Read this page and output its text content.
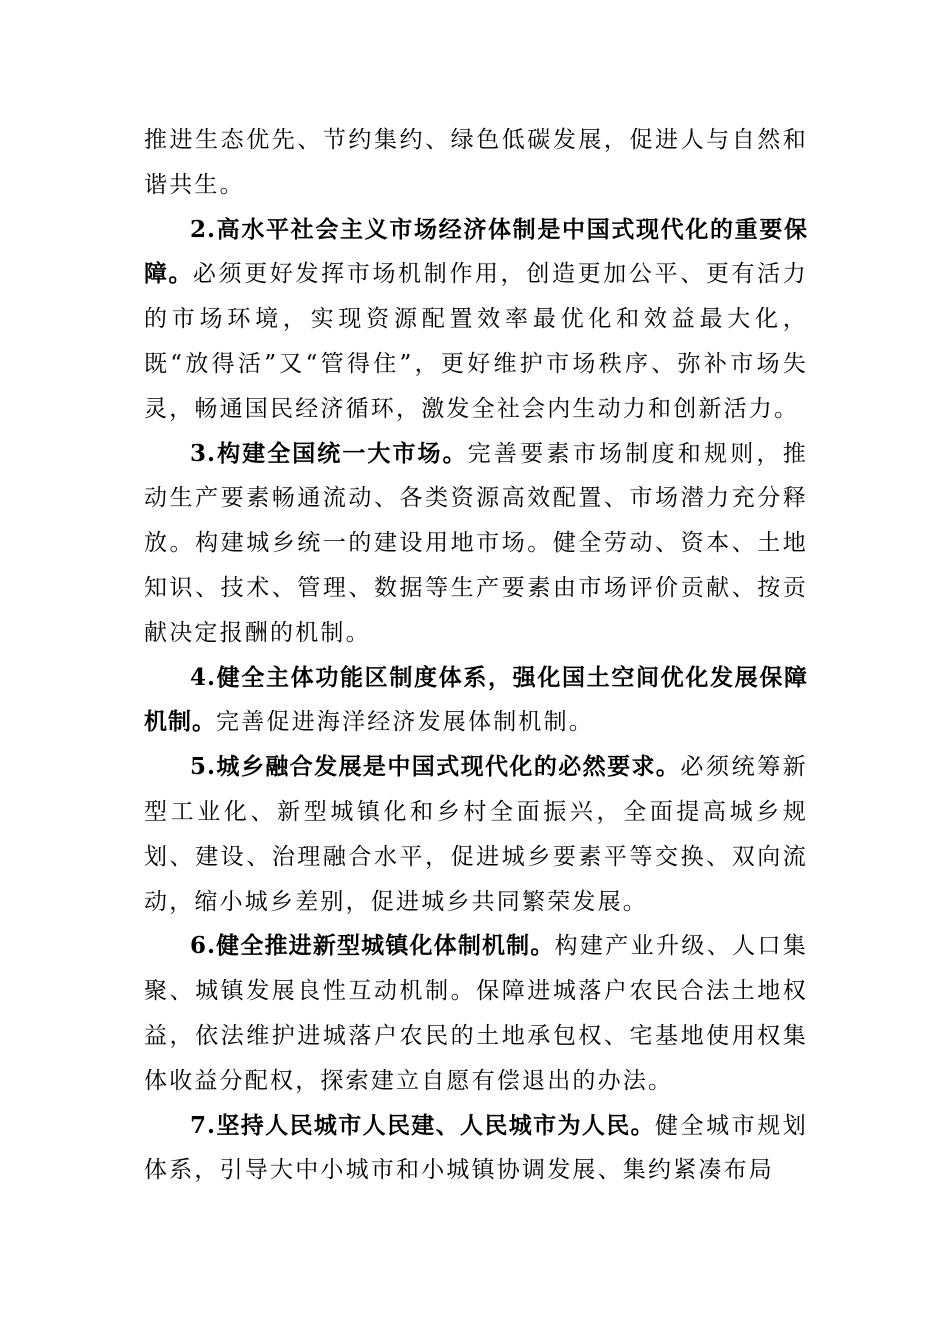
推进生态优先、节约集约、绿色低碳发展，促进人与自然和谐共生。

2.高水平社会主义市场经济体制是中国式现代化的重要保障。必须更好发挥市场机制作用，创造更加公平、更有活力的市场环境，实现资源配置效率最优化和效益最大化，既“放得活”又“管得住”，更好维护市场秩序、弥补市场失灵，畅通国民经济循环，激发全社会内生动力和创新活力。

3.构建全国统一大市场。完善要素市场制度和规则，推动生产要素畅通流动、各类资源高效配置、市场潜力充分释放。构建城乡统一的建设用地市场。健全劳动、资本、土地知识、技术、管理、数据等生产要素由市场评价贡献、按贡献决定报酬的机制。

4.健全主体功能区制度体系，强化国土空间优化发展保障机制。完善促进海洋经济发展体制机制。

5.城乡融合发展是中国式现代化的必然要求。必须统筹新型工业化、新型城镇化和乡村全面振兴，全面提高城乡规划、建设、治理融合水平，促进城乡要素平等交换、双向流动，缩小城乡差别，促进城乡共同繁荣发展。

6.健全推进新型城镇化体制机制。构建产业升级、人口集聚、城镇发展良性互动机制。保障进城落户农民合法土地权益，依法维护进城落户农民的土地承包权、宅基地使用权集体收益分配权，探索建立自愿有偿退出的办法。

7.坚持人民城市人民建、人民城市为人民。健全城市规划体系，引导大中小城市和小城镇协调发展、集约紧凑布局
